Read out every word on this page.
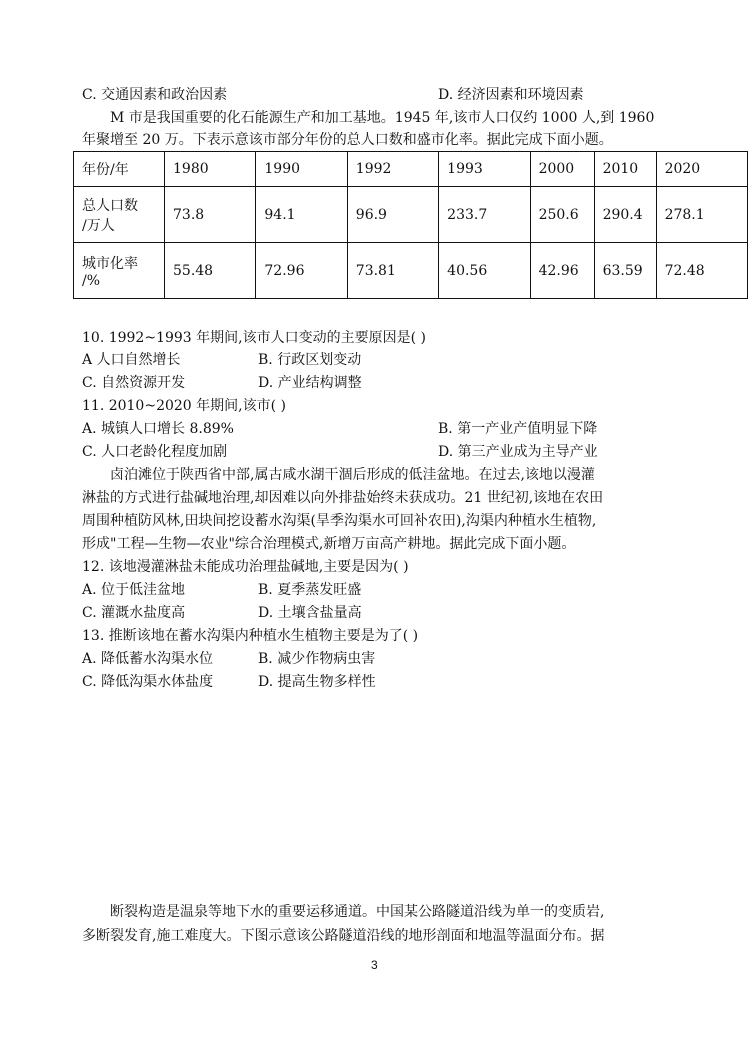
C. 交通因素和政治因素	D. 经济因素和环境因素
M 市是我国重要的化石能源生产和加工基地。1945 年,该市人口仅约 1000 人,到 1960
年聚增至 20 万。下表示意该市部分年份的总人口数和盛市化率。据此完成下面小题。
年份/年	1980	1990	1992	1993	2000	2010	2020

总人口数
/万人	73.8	94.1	96.9	233.7	250.6	290.4	278.1

城市化率
/%	55.48	72.96	73.81	40.56	42.96	63.59	72.48
10. 1992~1993 年期间,该市人口变动的主要原因是( )
A 人口自然增长	B. 行政区划变动
C. 自然资源开发	D. 产业结构调整
11. 2010~2020 年期间,该市( )
A. 城镇人口增长 8.89%	B. 第一产业产值明显下降
C. 人口老龄化程度加剧	D. 第三产业成为主导产业
卤泊滩位于陕西省中部,属古咸水湖干涸后形成的低洼盆地。在过去,该地以漫灌
淋盐的方式进行盐碱地治理,却因难以向外排盐始终未获成功。21 世纪初,该地在农田
周围种植防风林,田块间挖设蓄水沟渠(旱季沟渠水可回补农田),沟渠内种植水生植物,
形成"工程—生物—农业"综合治理模式,新增万亩高产耕地。据此完成下面小题。
12. 该地漫灌淋盐未能成功治理盐碱地,主要是因为( )
A. 位于低洼盆地	B. 夏季蒸发旺盛
C. 灌溉水盐度高	D. 土壤含盐量高
13. 推断该地在蓄水沟渠内种植水生植物主要是为了( )
A. 降低蓄水沟渠水位	B. 减少作物病虫害
C. 降低沟渠水体盐度	D. 提高生物多样性
断裂构造是温泉等地下水的重要运移通道。中国某公路隧道沿线为单一的变质岩,
多断裂发育,施工难度大。下图示意该公路隧道沿线的地形剖面和地温等温面分布。据
3
